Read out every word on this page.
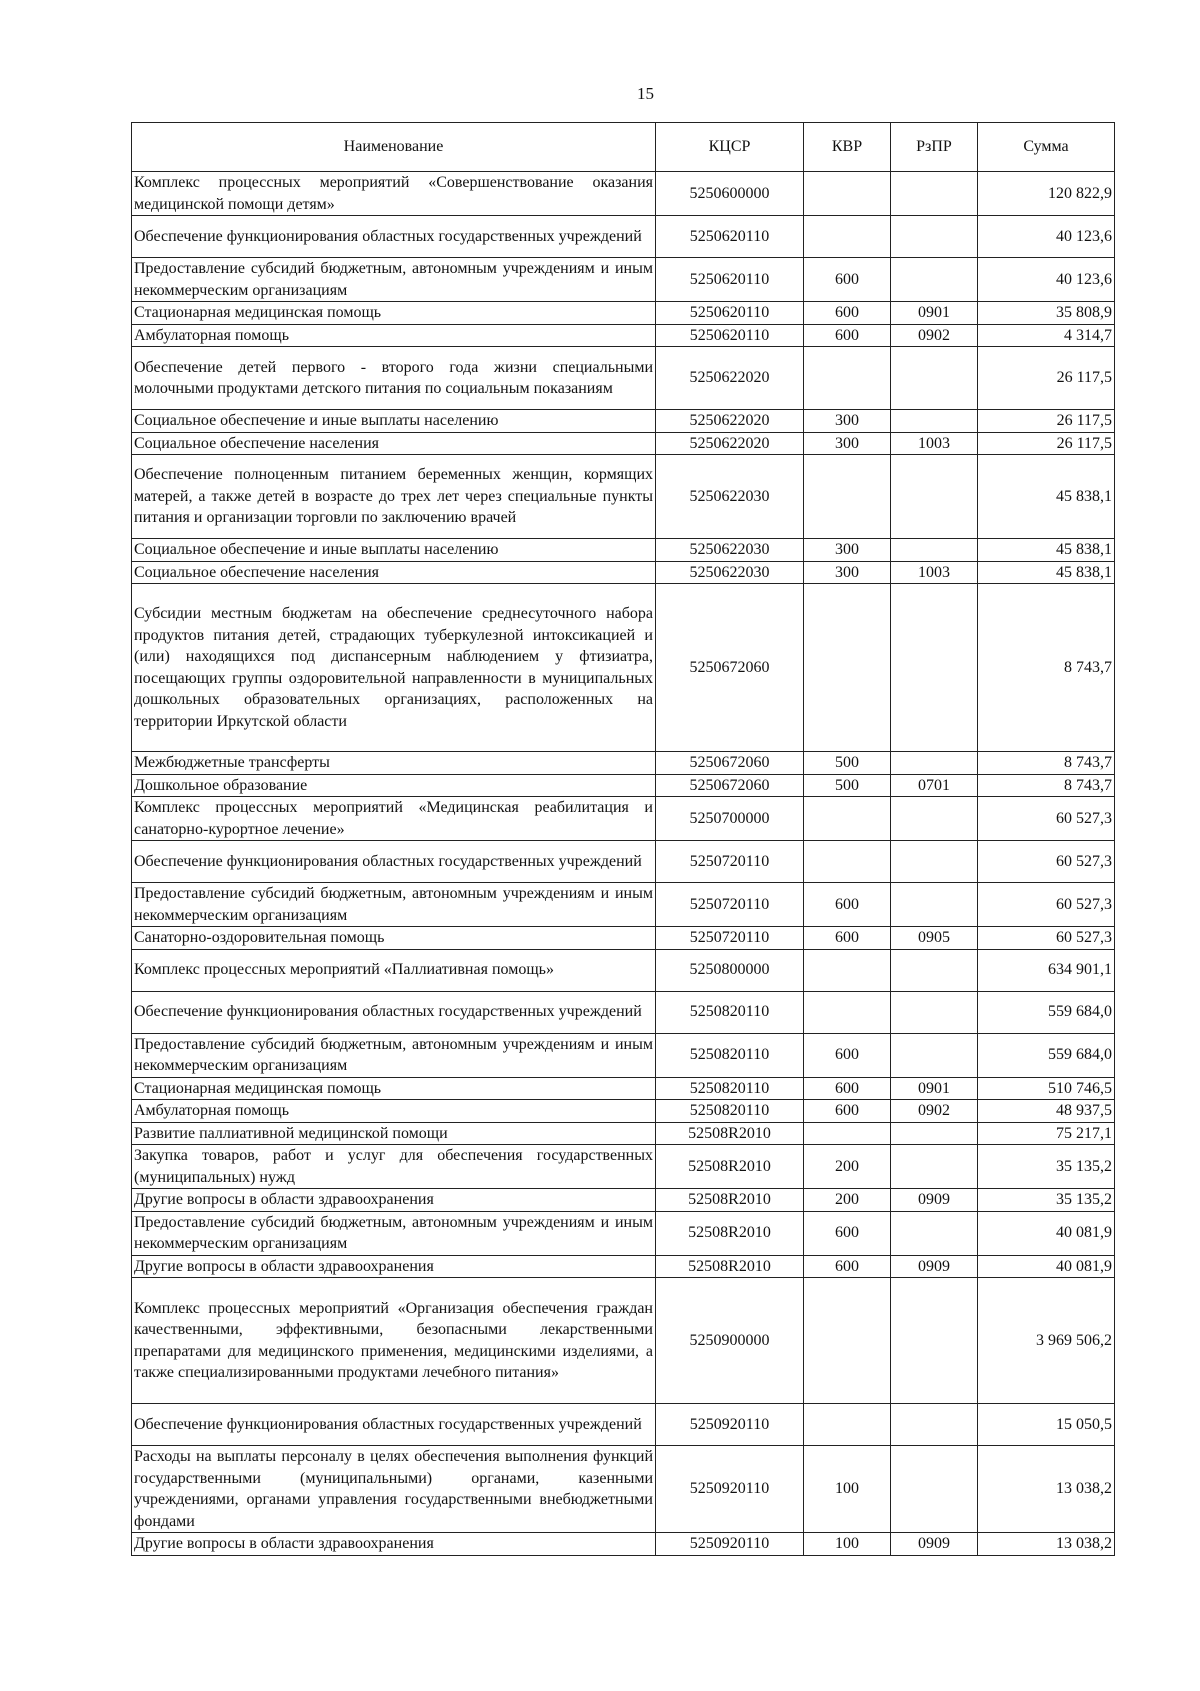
15
Наименование	КЦСР	КВР	РзПР	Сумма
Комплекс процессных мероприятий «Совершенствование оказания медицинской помощи детям»	5250600000			120 822,9
Обеспечение функционирования областных государственных учреждений	5250620110			40 123,6
Предоставление субсидий бюджетным, автономным учреждениям и иным некоммерческим организациям	5250620110	600		40 123,6
Стационарная медицинская помощь	5250620110	600	0901	35 808,9
Амбулаторная помощь	5250620110	600	0902	4 314,7
Обеспечение детей первого - второго года жизни специальными молочными продуктами детского питания по социальным показаниям	5250622020			26 117,5
Социальное обеспечение и иные выплаты населению	5250622020	300		26 117,5
Социальное обеспечение населения	5250622020	300	1003	26 117,5
Обеспечение полноценным питанием беременных женщин, кормящих матерей, а также детей в возрасте до трех лет через специальные пункты питания и организации торговли по заключению врачей	5250622030			45 838,1
Социальное обеспечение и иные выплаты населению	5250622030	300		45 838,1
Социальное обеспечение населения	5250622030	300	1003	45 838,1
Субсидии местным бюджетам на обеспечение среднесуточного набора продуктов питания детей, страдающих туберкулезной интоксикацией и (или) находящихся под диспансерным наблюдением у фтизиатра, посещающих группы оздоровительной направленности в муниципальных дошкольных образовательных организациях, расположенных на территории Иркутской области	5250672060			8 743,7
Межбюджетные трансферты	5250672060	500		8 743,7
Дошкольное образование	5250672060	500	0701	8 743,7
Комплекс процессных мероприятий «Медицинская реабилитация и санаторно-курортное лечение»	5250700000			60 527,3
Обеспечение функционирования областных государственных учреждений	5250720110			60 527,3
Предоставление субсидий бюджетным, автономным учреждениям и иным некоммерческим организациям	5250720110	600		60 527,3
Санаторно-оздоровительная помощь	5250720110	600	0905	60 527,3
Комплекс процессных мероприятий «Паллиативная помощь»	5250800000			634 901,1
Обеспечение функционирования областных государственных учреждений	5250820110			559 684,0
Предоставление субсидий бюджетным, автономным учреждениям и иным некоммерческим организациям	5250820110	600		559 684,0
Стационарная медицинская помощь	5250820110	600	0901	510 746,5
Амбулаторная помощь	5250820110	600	0902	48 937,5
Развитие паллиативной медицинской помощи	52508R2010			75 217,1
Закупка товаров, работ и услуг для обеспечения государственных (муниципальных) нужд	52508R2010	200		35 135,2
Другие вопросы в области здравоохранения	52508R2010	200	0909	35 135,2
Предоставление субсидий бюджетным, автономным учреждениям и иным некоммерческим организациям	52508R2010	600		40 081,9
Другие вопросы в области здравоохранения	52508R2010	600	0909	40 081,9
Комплекс процессных мероприятий «Организация обеспечения граждан качественными, эффективными, безопасными лекарственными препаратами для медицинского применения, медицинскими изделиями, а также специализированными продуктами лечебного питания»	5250900000			3 969 506,2
Обеспечение функционирования областных государственных учреждений	5250920110			15 050,5
Расходы на выплаты персоналу в целях обеспечения выполнения функций государственными (муниципальными) органами, казенными учреждениями, органами управления государственными внебюджетными фондами	5250920110	100		13 038,2
Другие вопросы в области здравоохранения	5250920110	100	0909	13 038,2
